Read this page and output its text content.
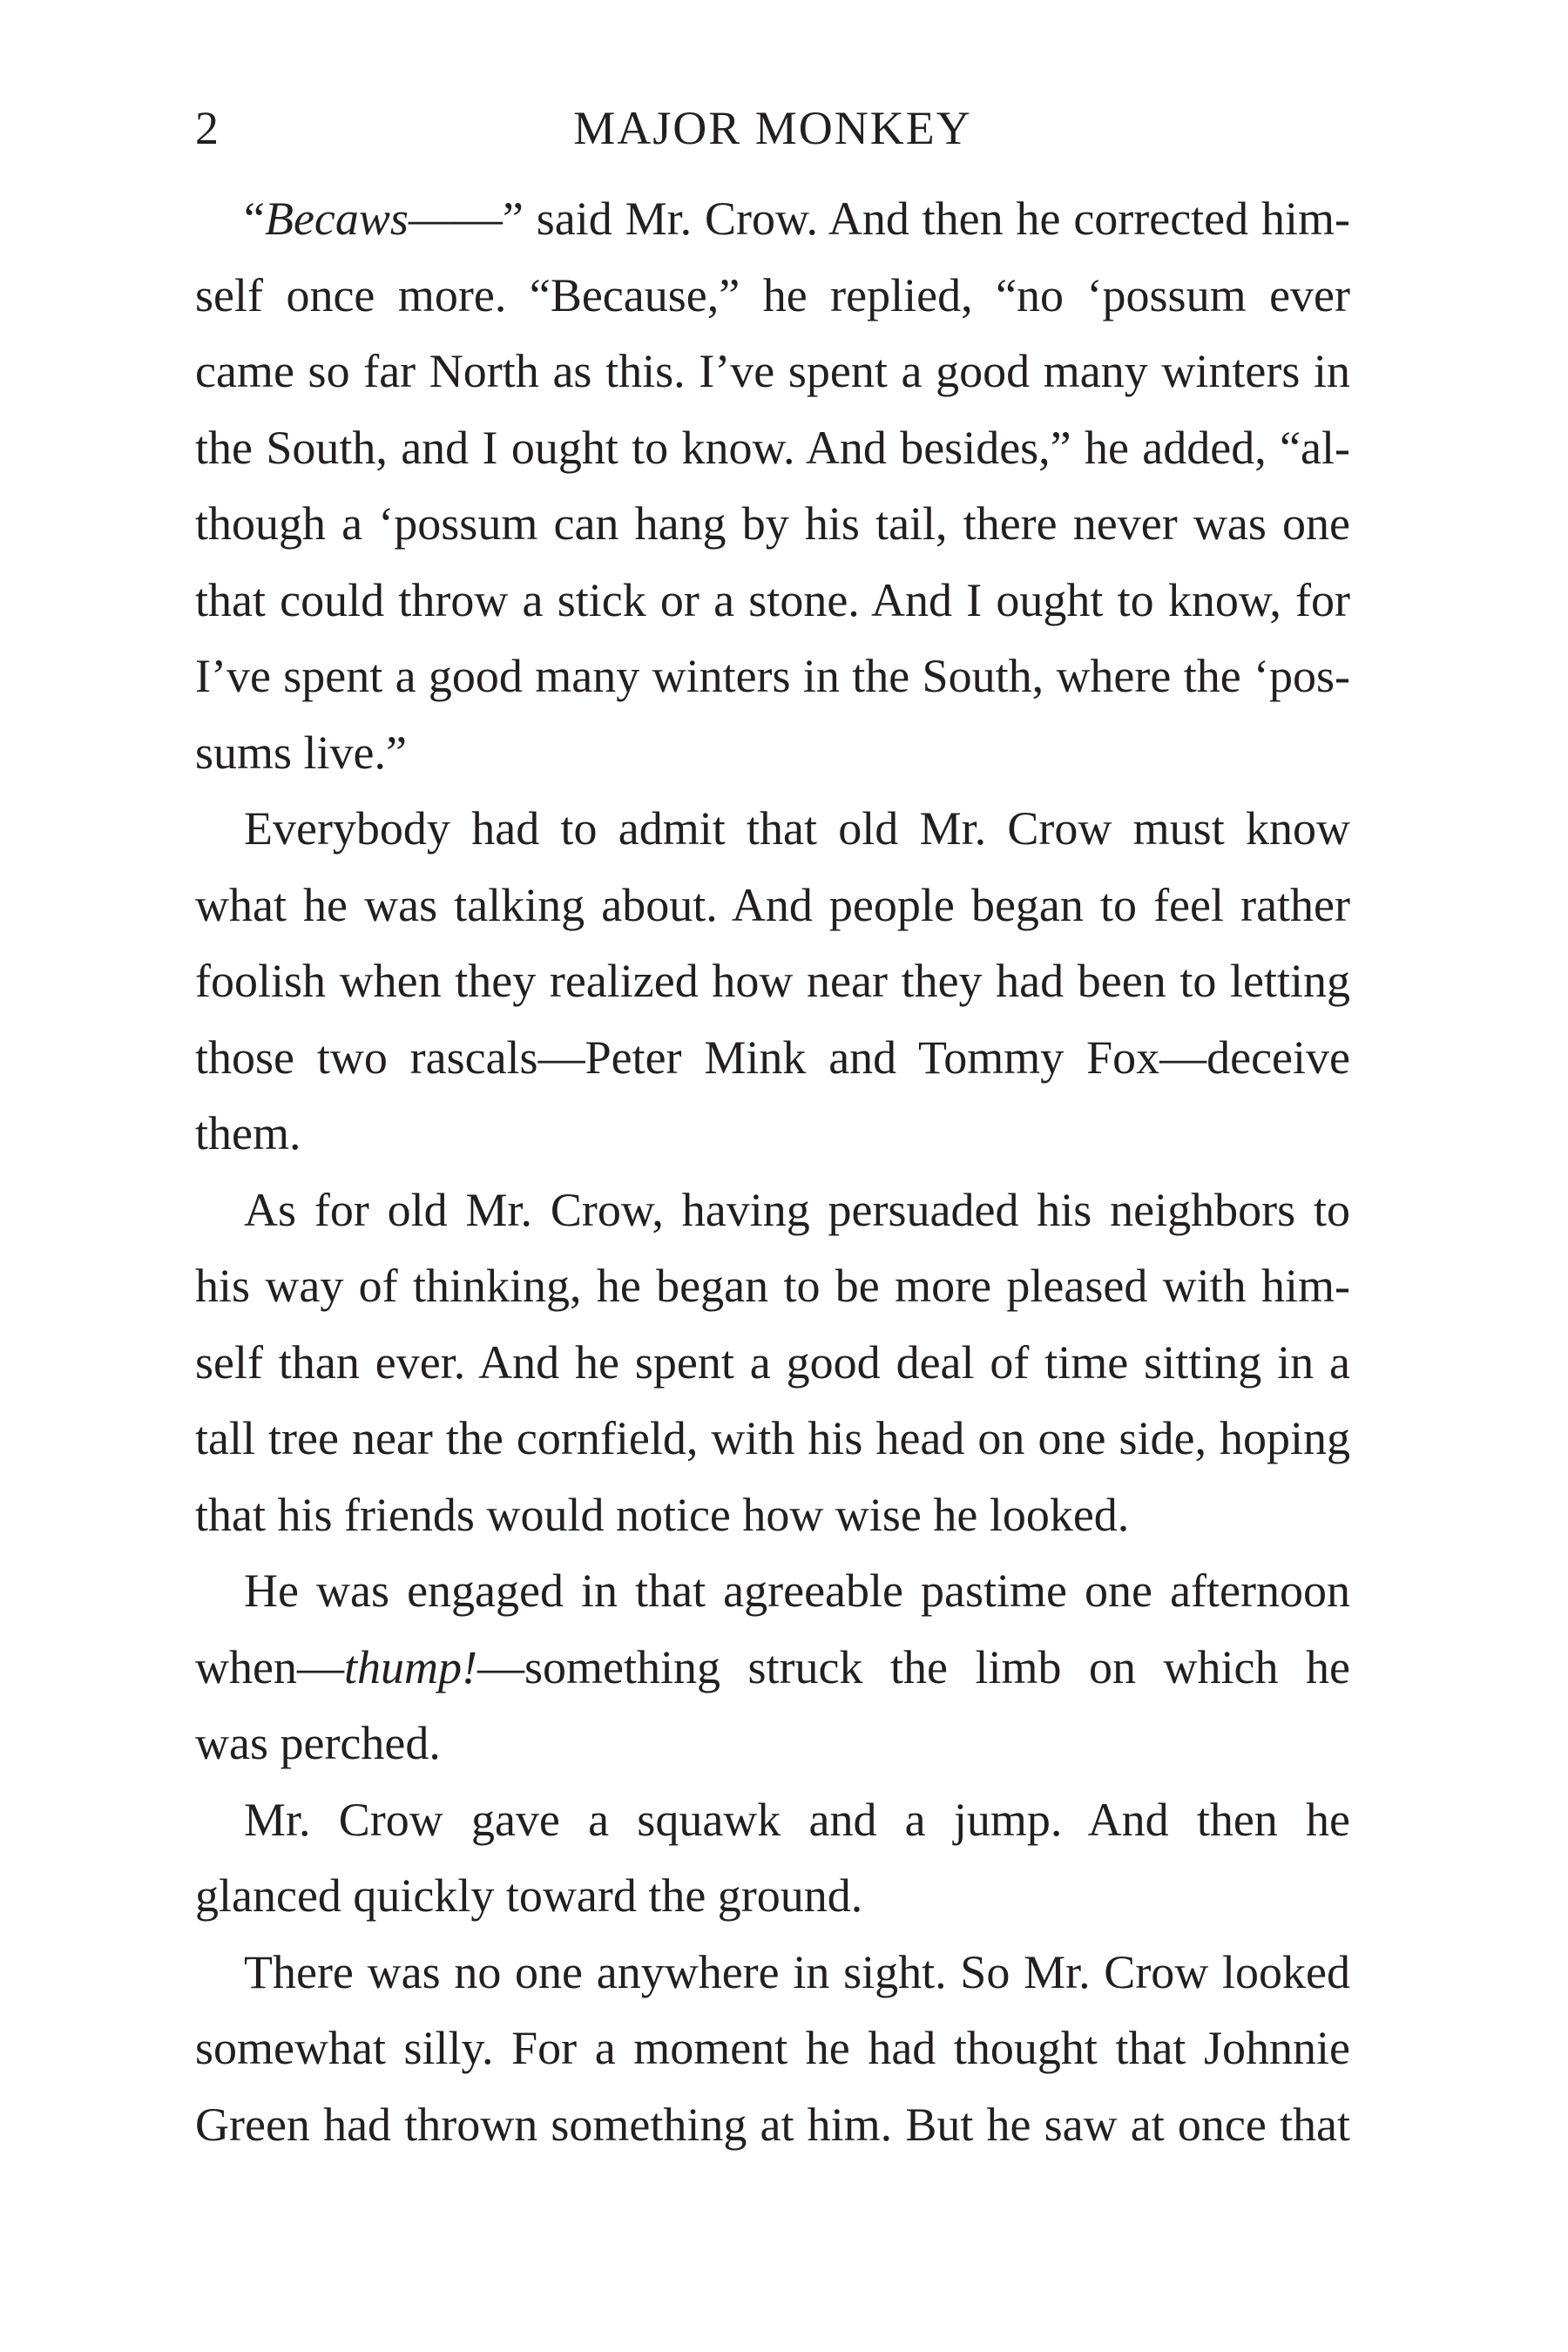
2	MAJOR MONKEY
“Becaws——” said Mr. Crow. And then he corrected him-
self once more. “Because,” he replied, “no ‘possum ever
came so far North as this. I’ve spent a good many winters in
the South, and I ought to know. And besides,” he added, “al-
though a ‘possum can hang by his tail, there never was one
that could throw a stick or a stone. And I ought to know, for
I’ve spent a good many winters in the South, where the ‘pos-
sums live.”
Everybody had to admit that old Mr. Crow must know
what he was talking about. And people began to feel rather
foolish when they realized how near they had been to letting
those two rascals—Peter Mink and Tommy Fox—deceive
them.
As for old Mr. Crow, having persuaded his neighbors to
his way of thinking, he began to be more pleased with him-
self than ever. And he spent a good deal of time sitting in a
tall tree near the cornfield, with his head on one side, hoping
that his friends would notice how wise he looked.
He was engaged in that agreeable pastime one afternoon
when—thump!—something struck the limb on which he
was perched.
Mr. Crow gave a squawk and a jump. And then he
glanced quickly toward the ground.
There was no one anywhere in sight. So Mr. Crow looked
somewhat silly. For a moment he had thought that Johnnie
Green had thrown something at him. But he saw at once that
